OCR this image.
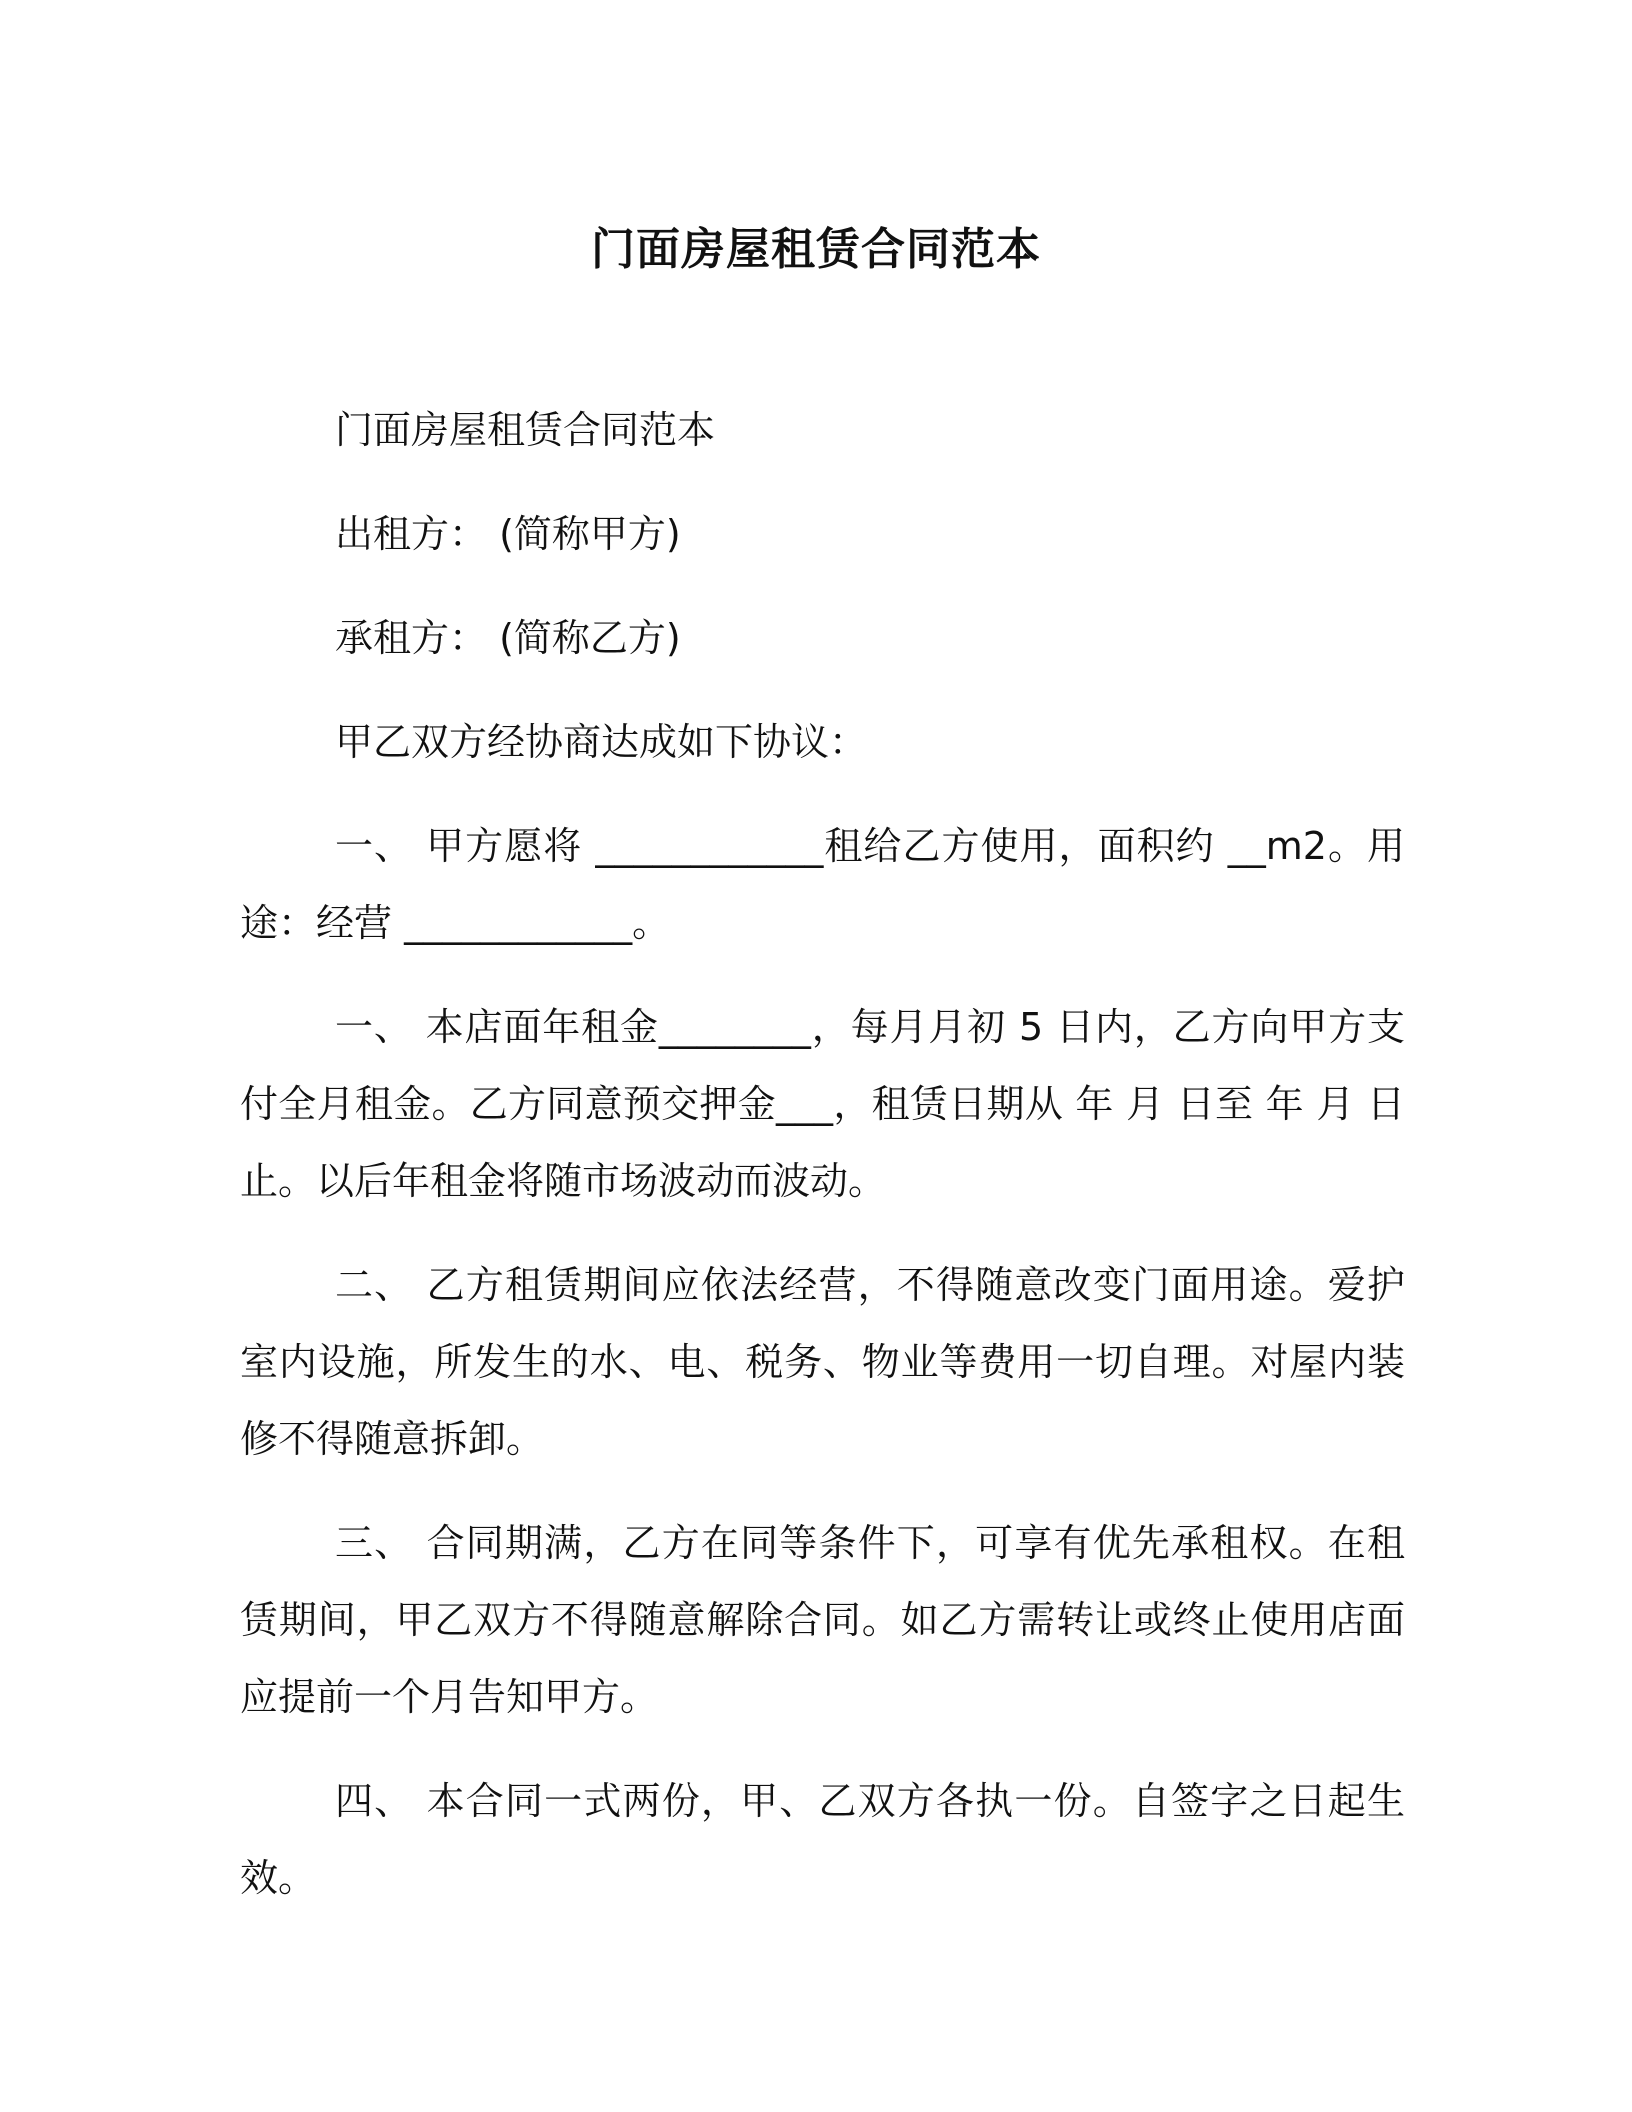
门面房屋租赁合同范本

门面房屋租赁合同范本

出租方： (简称甲方)

承租方： (简称乙方)

甲乙双方经协商达成如下协议：

一、 甲方愿将 ____________租给乙方使用，面积约 __m2。用途：经营 ____________。

一、 本店面年租金________，每月月初 5 日内，乙方向甲方支付全月租金。乙方同意预交押金___，租赁日期从 年 月 日至 年 月 日止。以后年租金将随市场波动而波动。

二、 乙方租赁期间应依法经营，不得随意改变门面用途。爱护室内设施，所发生的水、电、税务、物业等费用一切自理。对屋内装修不得随意拆卸。

三、 合同期满，乙方在同等条件下，可享有优先承租权。在租赁期间，甲乙双方不得随意解除合同。如乙方需转让或终止使用店面应提前一个月告知甲方。

四、 本合同一式两份，甲、乙双方各执一份。自签字之日起生效。
